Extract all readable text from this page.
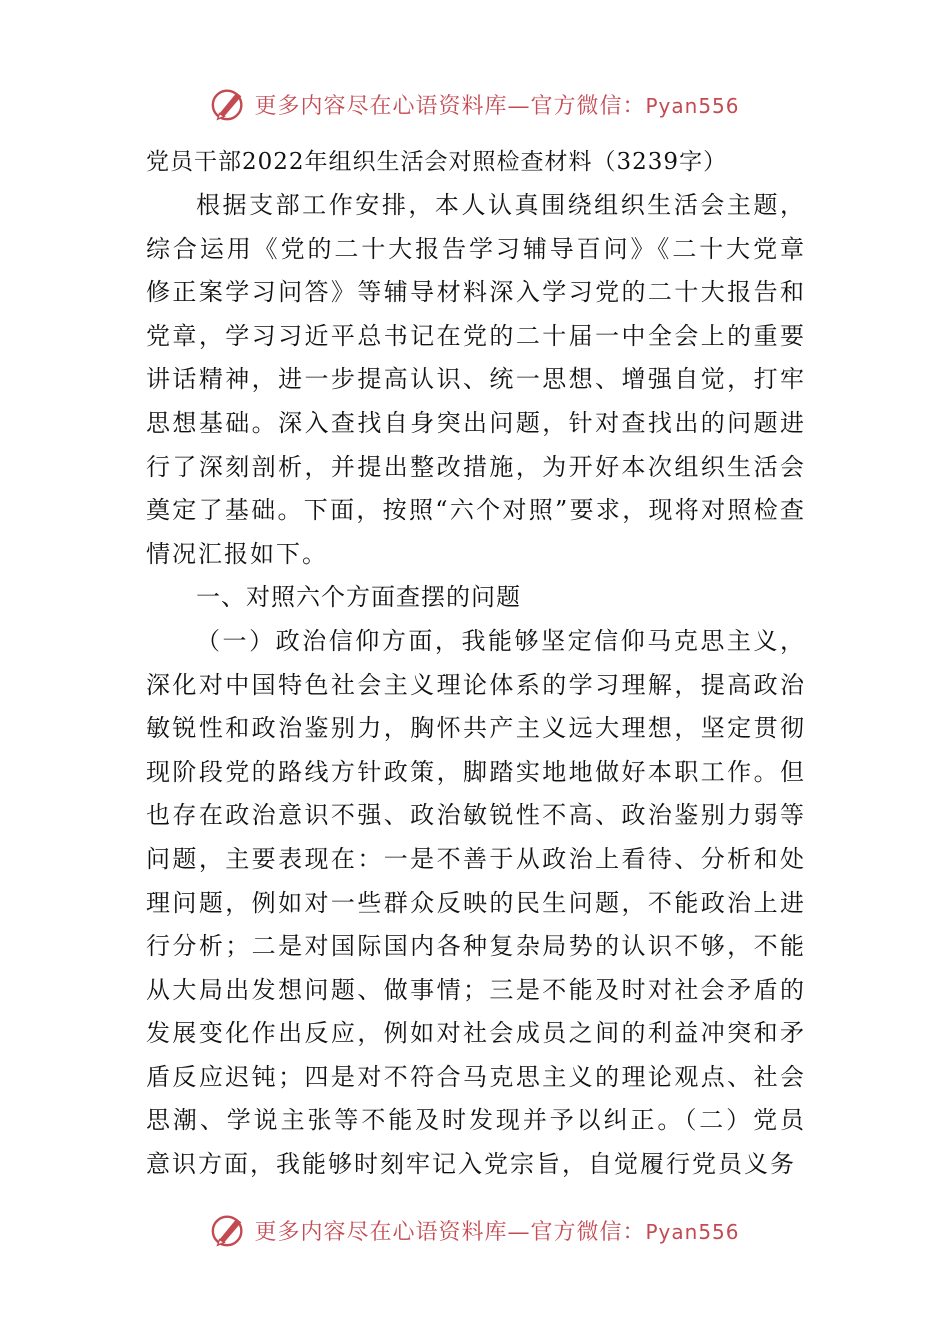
更多内容尽在心语资料库—官方微信：Pyan556

党员干部2022年组织生活会对照检查材料（3239字）

根据支部工作安排，本人认真围绕组织生活会主题，综合运用《党的二十大报告学习辅导百问》《二十大党章修正案学习问答》等辅导材料深入学习党的二十大报告和党章，学习习近平总书记在党的二十届一中全会上的重要讲话精神，进一步提高认识、统一思想、增强自觉，打牢思想基础。深入查找自身突出问题，针对查找出的问题进行了深刻剖析，并提出整改措施，为开好本次组织生活会奠定了基础。下面，按照“六个对照”要求，现将对照检查情况汇报如下。

一、对照六个方面查摆的问题

（一）政治信仰方面，我能够坚定信仰马克思主义，深化对中国特色社会主义理论体系的学习理解，提高政治敏锐性和政治鉴别力，胸怀共产主义远大理想，坚定贯彻现阶段党的路线方针政策，脚踏实地地做好本职工作。但也存在政治意识不强、政治敏锐性不高、政治鉴别力弱等问题，主要表现在：一是不善于从政治上看待、分析和处理问题，例如对一些群众反映的民生问题，不能政治上进行分析；二是对国际国内各种复杂局势的认识不够，不能从大局出发想问题、做事情；三是不能及时对社会矛盾的发展变化作出反应，例如对社会成员之间的利益冲突和矛盾反应迟钝；四是对不符合马克思主义的理论观点、社会思潮、学说主张等不能及时发现并予以纠正。（二）党员意识方面，我能够时刻牢记入党宗旨，自觉履行党员义务

更多内容尽在心语资料库—官方微信：Pyan556
